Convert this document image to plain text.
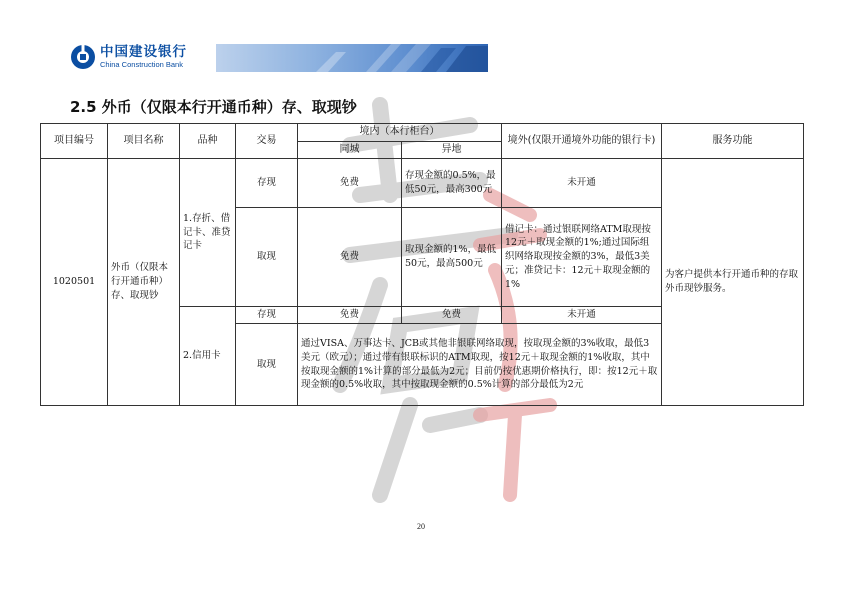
中国建设银行
China Construction Bank
2.5 外币（仅限本行开通币种）存、取现钞
项目编号	项目名称	品种	交易	境内（本行柜台）		境外(仅限开通境外功能的银行卡)	服务功能
				同城	异地		
1020501	外币（仅限本行开通币种）存、取现钞	1.存折、借记卡、准贷记卡	存现	免费	存现金额的0.5%，最低50元，最高300元	未开通	为客户提供本行开通币种的存取外币现钞服务。
			取现	免费	取现金额的1%，最低50元，最高500元	借记卡：通过银联网络ATM取现按12元＋取现金额的1%;通过国际组织网络取现按金额的3%，最低3美元；准贷记卡：12元＋取现金额的1%	
		2.信用卡	存现	免费	免费	未开通	
			取现	通过VISA、万事达卡、JCB或其他非银联网络取现，按取现金额的3%收取，最低3美元（欧元）；通过带有银联标识的ATM取现，按12元＋取现金额的1%收取，其中按取现金额的1%计算的部分最低为2元；目前仍按优惠期价格执行，即：按12元＋取现金额的0.5%收取，其中按取现金额的0.5%计算的部分最低为2元			
20
